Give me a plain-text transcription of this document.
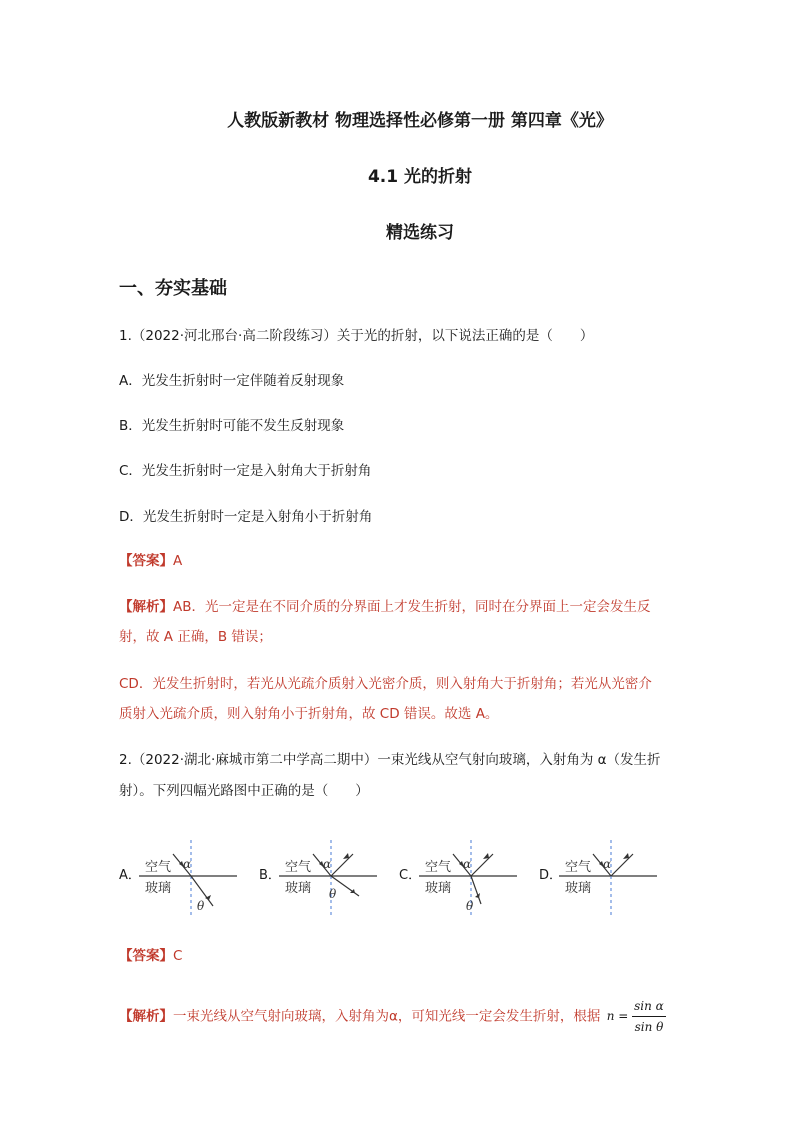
人教版新教材 物理选择性必修第一册 第四章《光》
4.1 光的折射
精选练习
一、夯实基础
1.（2022·河北邢台·高二阶段练习）关于光的折射，以下说法正确的是（　　）
A．光发生折射时一定伴随着反射现象
B．光发生折射时可能不发生反射现象
C．光发生折射时一定是入射角大于折射角
D．光发生折射时一定是入射角小于折射角
【答案】A
【解析】AB．光一定是在不同介质的分界面上才发生折射，同时在分界面上一定会发生反
射，故 A 正确，B 错误；
CD．光发生折射时，若光从光疏介质射入光密介质，则入射角大于折射角；若光从光密介
质射入光疏介质，则入射角小于折射角，故 CD 错误。故选 A。
2.（2022·湖北·麻城市第二中学高二期中）一束光线从空气射向玻璃，入射角为 α（发生折
射）。下列四幅光路图中正确的是（　　）
A．
空气
玻璃
α
θ
B．
空气
玻璃
α
θ
C．
空气
玻璃
α
θ
D．
空气
玻璃
α
【答案】C
【解析】一束光线从空气射向玻璃，入射角为α，可知光线一定会发生折射，根据 $n = \frac{\text{sin α}}{\text{sin θ}}$
